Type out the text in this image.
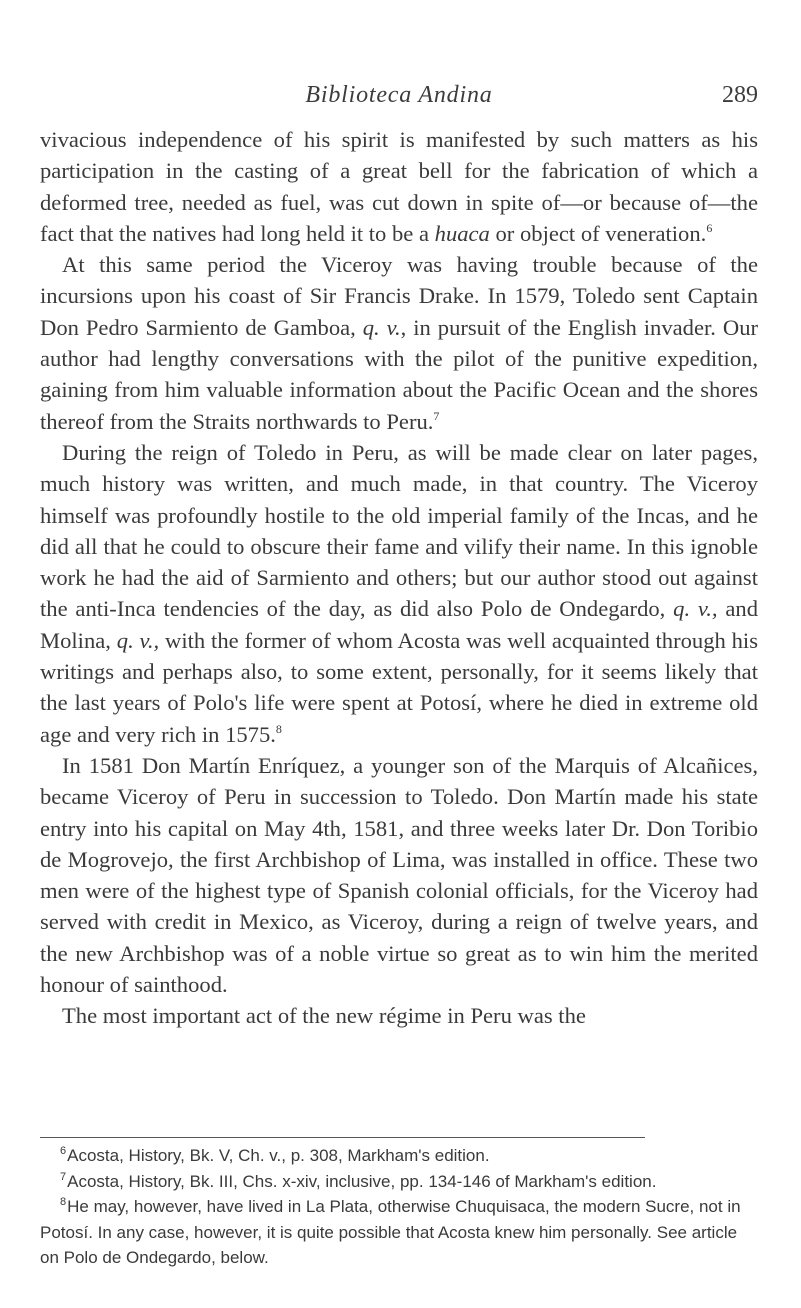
Biblioteca Andina	289

vivacious independence of his spirit is manifested by such matters as his participation in the casting of a great bell for the fabrication of which a deformed tree, needed as fuel, was cut down in spite of—or because of—the fact that the natives had long held it to be a huaca or object of veneration.$^6$

At this same period the Viceroy was having trouble because of the incursions upon his coast of Sir Francis Drake. In 1579, Toledo sent Captain Don Pedro Sarmiento de Gamboa, q. v., in pursuit of the English invader. Our author had lengthy conversations with the pilot of the punitive expedition, gaining from him valuable information about the Pacific Ocean and the shores thereof from the Straits northwards to Peru.$^7$

During the reign of Toledo in Peru, as will be made clear on later pages, much history was written, and much made, in that country. The Viceroy himself was profoundly hostile to the old imperial family of the Incas, and he did all that he could to obscure their fame and vilify their name. In this ignoble work he had the aid of Sarmiento and others; but our author stood out against the anti-Inca tendencies of the day, as did also Polo de Ondegardo, q. v., and Molina, q. v., with the former of whom Acosta was well acquainted through his writings and perhaps also, to some extent, personally, for it seems likely that the last years of Polo's life were spent at Potosí, where he died in extreme old age and very rich in 1575.$^8$

In 1581 Don Martín Enríquez, a younger son of the Marquis of Alcañices, became Viceroy of Peru in succession to Toledo. Don Martín made his state entry into his capital on May 4th, 1581, and three weeks later Dr. Don Toribio de Mogrovejo, the first Archbishop of Lima, was installed in office. These two men were of the highest type of Spanish colonial officials, for the Viceroy had served with credit in Mexico, as Viceroy, during a reign of twelve years, and the new Archbishop was of a noble virtue so great as to win him the merited honour of sainthood.

The most important act of the new régime in Peru was the

$^6$Acosta, History, Bk. V, Ch. v., p. 308, Markham's edition.

$^7$Acosta, History, Bk. III, Chs. x-xiv, inclusive, pp. 134-146 of Markham's edition.

$^8$He may, however, have lived in La Plata, otherwise Chuquisaca, the modern Sucre, not in Potosí. In any case, however, it is quite possible that Acosta knew him personally. See article on Polo de Ondegardo, below.
